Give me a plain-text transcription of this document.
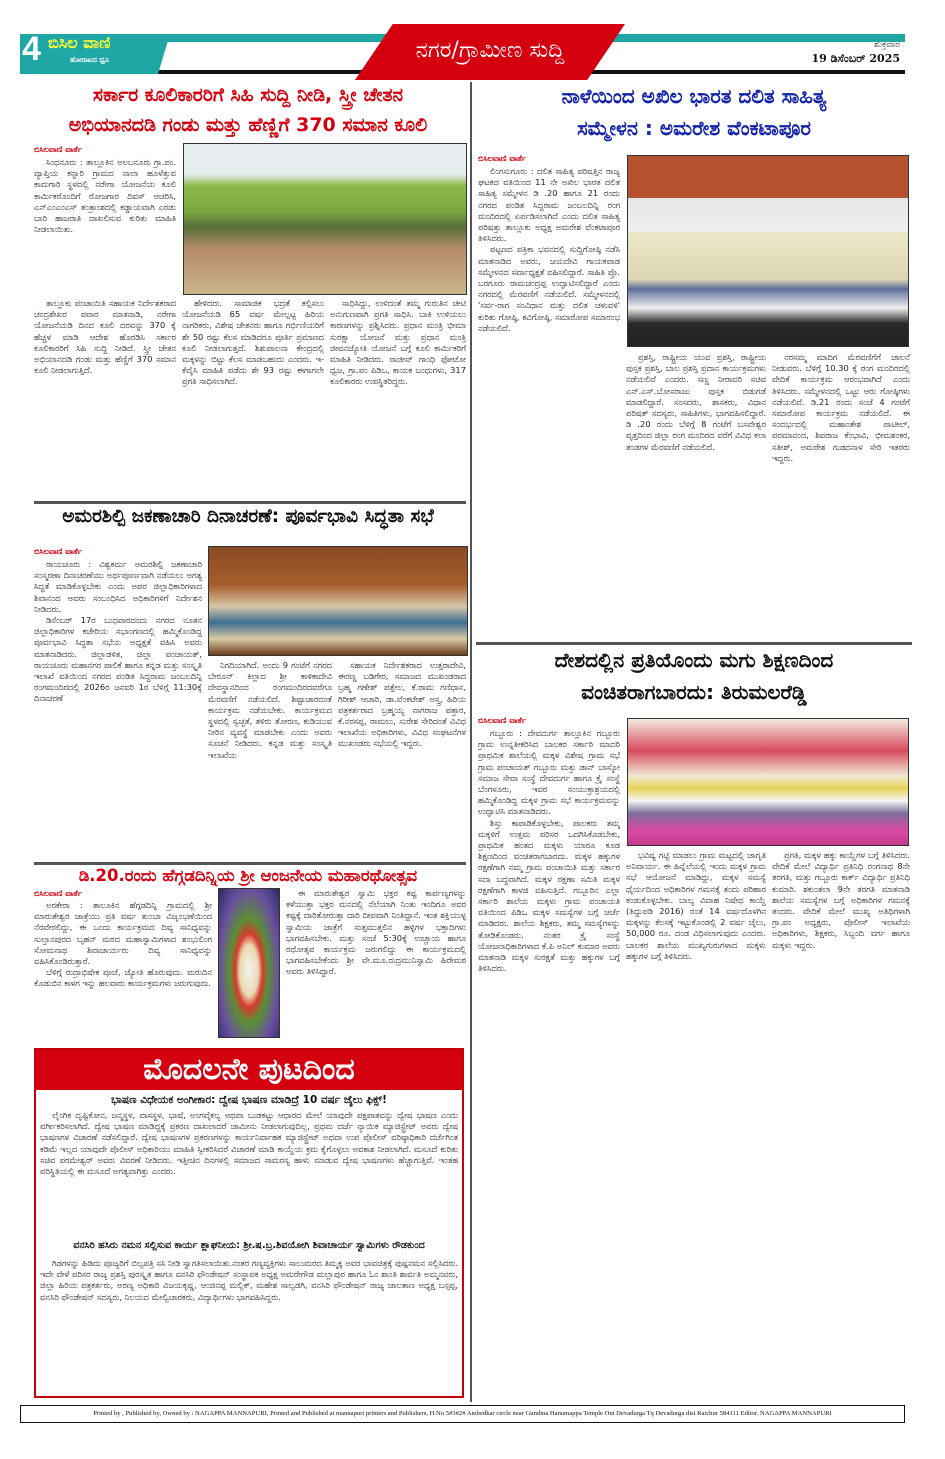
4 ಬಿಸಿಲ ವಾಣಿ
ಹೋರಾಟದ ಧ್ವನಿ	ನಗರ/ಗ್ರಾಮೀಣ ಸುದ್ದಿ	ಶುಕ್ರವಾರ
19 ಡಿಸೆಂಬರ್ 2025
ಸರ್ಕಾರ ಕೂಲಿಕಾರರಿಗೆ ಸಿಹಿ ಸುದ್ದಿ ನೀಡಿ, ಸ್ತ್ರೀ ಚೇತನ
ಅಭಿಯಾನದಡಿ ಗಂಡು ಮತ್ತು ಹೆಣ್ಣಿಗೆ 370 ಸಮಾನ ಕೂಲಿ
ಬಿಸಿಲವಾಣಿ ವಾರ್ತೆ

ಸಿಂಧನೂರು : ತಾಲ್ಲೂಕಿನ ಅಲಬನೂರು ಗ್ರಾ.ಪಂ. ವ್ಯಾಪ್ತಿಯ ಕನ್ನಾರಿ ಗ್ರಾಮದ ನಾಲಾ ಹೂಳೆತ್ತುವ ಕಾಮಗಾರಿ ಸ್ಥಳದಲ್ಲಿ ನರೇಗಾ ಯೋಜನೆಯ ಕೂಲಿ ಕಾರ್ಮಿಕರೊಂದಿಗೆ ರೋಜಗಾರ ದಿವಸ್ ಆಚರಿಸಿ, ಎನ್‌ಎಂಎಂಎಸ್ ತಂತ್ರಾಂಶದಲ್ಲಿ ಕಡ್ಡಾಯವಾಗಿ ಎರಡು ಬಾರಿ ಹಾಜರಾತಿ ದಾಖಲಿಸುವ ಕುರಿತು ಮಾಹಿತಿ ನೀಡಲಾಯಿತು.

ತಾಲ್ಲೂಕು ಪಂಚಾಯಿತಿ ಸಹಾಯಕ ನಿರ್ದೇಶಕರಾದ ಚಂದ್ರಶೇಖರ ಪವಾರ ಮಾತನಾಡಿ, ನರೇಗಾ ಯೋಜನೆಯಡಿ ದಿನದ ಕೂಲಿ ದರವನ್ನು 370 ಕ್ಕೆ ಹೆಚ್ಚಳ ಮಾಡಿ ಆದೇಶ ಹೊರಡಿಸಿ ಸರ್ಕಾರ ಕೂಲಿಕಾರರಿಗೆ ಸಿಹಿ ಸುದ್ದಿ ನೀಡಿದೆ. ಸ್ತ್ರೀ ಚೇತನ ಅಭಿಯಾನದಡಿ ಗಂಡು ಮತ್ತು ಹೆಣ್ಣಿಗೆ 370 ಸಮಾನ ಕೂಲಿ ನೀಡಲಾಗುತ್ತಿದೆ.

ಹೇಳಿದರು. ಸಾಮಾಜಿಕ ಭದ್ರತೆ ಕಲ್ಪಿಸಲು ಯೋಜನೆಯಡಿ 65 ವರ್ಷ ಮೇಲ್ಪಟ್ಟ ಹಿರಿಯ ನಾಗರಿಕರು, ವಿಶೇಷ ಚೇತನರು ಹಾಗೂ ಗರ್ಭಿಣಿಯರಿಗೆ ಶೇ 50 ರಷ್ಟು ಕೆಲಸ ಮಾಡಿದರೂ ಪೂರ್ತಿ ಪ್ರಮಾಣದ ಕೂಲಿ ನೀಡಲಾಗುತ್ತದೆ. ಶಿಶುಪಾಲನಾ ಕೇಂದ್ರದಲ್ಲಿ ಮಕ್ಕಳನ್ನು ಬಿಟ್ಟು ಕೆಲಸ ಮಾಡಬಹುದು ಎಂದರು. ಇ-ಕೆವೈಸಿ ಮಾಹಿತಿ ಪಡೆದು ಶೇ 93 ರಷ್ಟು ಈಗಾಗಲೇ ಪ್ರಗತಿ ಸಾಧಿಸಲಾಗಿದೆ.

ಸಾಧಿಸಿದ್ದು, ಉಳಿದಂತೆ ತಮ್ಮ ಗುರುತಿನ ಚೀಟಿ ಅನುಗುಣವಾಗಿ ಪ್ರಗತಿ ಸಾಧಿಸಿ. ಬಾಕಿ ಉಳಿಯಲು ಕಾರಣಗಳನ್ನು ಪ್ರಶ್ನಿಸಿದರು. ಪ್ರಧಾನ ಮಂತ್ರಿ ಭೀಮಾ ಸುರಕ್ಷಾ ಯೋಜನೆ ಮತ್ತು ಪ್ರಧಾನ ಮಂತ್ರಿ ಜೀವನಜ್ಯೋತಿ ಯೋಜನೆ ಬಗ್ಗೆ ಕೂಲಿ ಕಾರ್ಮಿಕರಿಗೆ ಮಾಹಿತಿ ನೀಡಿದರು. ರಾಜೀವ್ ಗಾಂಧಿ ಫೋಟೋ ಧ್ವಜ, ಗ್ರಾ.ಪಂ ಪಿಡಿಒ, ಕಾಯಕ ಬಂಧುಗಳು, 317 ಕೂಲಿಕಾರರು ಉಪಸ್ಥಿತರಿದ್ದರು.

ಅಮರಶಿಲ್ಪಿ ಜಕಣಾಚಾರಿ ದಿನಾಚರಣೆ: ಪೂರ್ವಭಾವಿ ಸಿದ್ಧತಾ ಸಭೆ
ಬಿಸಿಲವಾಣಿ ವಾರ್ತೆ

ರಾಯಚೂರು : ವಿಶ್ವಕರ್ಮ ಅಮರಶಿಲ್ಪಿ ಜಕಣಾಚಾರಿ ಸಂಸ್ಮರಣಾ ದಿನಾಚರಣೆಯು ಅರ್ಥಪೂರ್ಣವಾಗಿ ನಡೆಯಲು ಅಗತ್ಯ ಸಿದ್ಧತೆ ಮಾಡಿಕೊಳ್ಳಬೇಕು ಎಂದು ಅಪರ ಜಿಲ್ಲಾಧಿಕಾರಿಗಳಾದ ಶಿವಾನಂದ ಅವರು ಸಂಬಂಧಿಸಿದ ಅಧಿಕಾರಿಗಳಿಗೆ ನಿರ್ದೇಶನ ನೀಡಿದರು.

ಡಿಸೆಂಬರ್ 17ರ ಬುಧವಾರದಂದು ನಗರದ ನೂತನ ಜಿಲ್ಲಾಧಿಕಾರಿಗಳ ಕಚೇರಿಯ ಸಭಾಂಗಣದಲ್ಲಿ ಹಮ್ಮಿಕೊಂಡಿದ್ದ ಪೂರ್ವಭಾವಿ ಸಿದ್ಧತಾ ಸಭೆಯ ಅಧ್ಯಕ್ಷತೆ ವಹಿಸಿ ಅವರು ಮಾತನಾಡಿದರು. ಜಿಲ್ಲಾಡಳಿತ, ಜಿಲ್ಲಾ ಪಂಚಾಯತ್, ರಾಯಚೂರು ಮಹಾನಗರ ಪಾಲಿಕೆ ಹಾಗೂ ಕನ್ನಡ ಮತ್ತು ಸಂಸ್ಕೃತಿ ಇಲಾಖೆ ವತಿಯಿಂದ ನಗರದ ಪಂಡಿತ ಸಿದ್ದರಾಮ ಜಂಬಲದಿನ್ನಿ ರಂಗಮಂದಿರದಲ್ಲಿ 2026ರ ಜನವರಿ 1ರ ಬೆಳಿಗ್ಗೆ 11:30ಕ್ಕೆ ದಿನಾಚರಣೆ

ನಿಗದಿಯಾಗಿದೆ. ಅಂದು 9 ಗಂಟೆಗೆ ನಗರದ ಬೇರೂನ್ ಕಿಲ್ಲಾದ ಶ್ರೀ ಕಾಳಿಕಾದೇವಿ ದೇವಸ್ಥಾನದಿಂದ ರಂಗಮಂದಿರದವರೆಗೂ ಮೆರವಣಿಗೆ ನಡೆಯಲಿದೆ. ಶಿಷ್ಟಾಚಾರದಂತೆ ಕಾರ್ಯಕ್ರಮ ನಡೆಯಬೇಕು. ಕಾರ್ಯಕ್ರಮದ ಸ್ಥಳದಲ್ಲಿ ಸ್ವಚ್ಛತೆ, ತಳಿರು ತೋರಣ, ಕುಡಿಯುವ ನೀರಿನ ವ್ಯವಸ್ಥೆ ಮಾಡಬೇಕು ಎಂದು ಅವರು ಸೂಚನೆ ನೀಡಿದರು. ಕನ್ನಡ ಮತ್ತು ಸಂಸ್ಕೃತಿ ಇಲಾಖೆಯ

ಸಹಾಯಕ ನಿರ್ದೇಶಕರಾದ ಉತ್ತರಾದೇವಿ, ಈರಣ್ಣ ಬಡಿಗೇರ, ಸಮಾಜದ ಮುಖಂಡರಾದ ಬ್ರಹ್ಮ ಗಣೇಶ್ ಪತ್ತೇಲ, ಕೆ.ರಾಮ ಗಣಿಧಾನ, ಗಿರೀಶ್ ಆಚಾರಿ, ಡಾ.ವೆಂಕಟೇಶ್ ಅಸ್ತ್ರ, ಹಿರಿಯ ಪತ್ರಕರ್ತರಾದ ಬ್ರಹ್ಮಯ್ಯ ನಾಗರಾಜ ಪತ್ತಾರ, ಕೆ.ನರಸಪ್ಪ, ರಾಮಲು, ಸುರೇಶ ಸೇರಿದಂತೆ ವಿವಿಧ ಇಲಾಖೆಯ ಅಧಿಕಾರಿಗಳು, ವಿವಿಧ ಸಂಘಟನೆಗಳ ಮುಖಂಡರು ಸಭೆಯಲ್ಲಿ ಇದ್ದರು.

ಡಿ.20.ರಂದು ಹೆಗ್ಗಡದಿನ್ನಿಯ ಶ್ರೀ ಆಂಜನೇಯ ಮಹಾರಥೋತ್ಸವ
ಬಿಸಿಲವಾಣಿ ವಾರ್ತೆ

ಅರಕೇರಾ : ತಾಲೂಕಿನ ಹೆಗ್ಗಡದಿನ್ನಿ ಗ್ರಾಮದಲ್ಲಿ ಶ್ರೀ ಮಾರುತೇಶ್ವರ ಜಾತ್ರೆಯು ಪ್ರತಿ ವರ್ಷ ತುಂಬಾ ವಿಜೃಂಭಣೆಯಿಂದ ನೆರವೇರಲಿದ್ದು, ಈ ಒಂದು ಕಾರ್ಯಕ್ರಮದ ದಿವ್ಯ ಸಾನಿಧ್ಯವನ್ನು ಸುಲ್ತಾನಪುರದ ಬೃಹನ್ ಮಠದ ಮಹಾಸ್ವಾಮಿಗಳಾದ ಶಂಭುಲಿಂಗ ಸೋಮನಾಥ ಶಿವಾಚಾರ್ಯರು ದಿವ್ಯ ಸಾನಿಧ್ಯವನ್ನು ವಹಿಸಿಕೊಂಡಿರುತ್ತಾರೆ.

ಬೆಳಿಗ್ಗೆ ರುದ್ರಾಭಿಷೇಕ ಪೂಜೆ, ಜ್ಯೋತಿ ಹೊರುವುದು. ಮರುದಿನ ಕೊಡುಬಿನ ಕಾಳಗ ಇನ್ನು ಹಲವಾರು ಕಾರ್ಯಕ್ರಮಗಳು ಜರುಗುವುದು.

ಈ ಮಾರುತೇಶ್ವರ ಸ್ವಾಮಿ ಭಕ್ತರ ಕಷ್ಟ ಕಾರ್ಪಣ್ಯಗಳನ್ನು ಕಳೆಯುತ್ತಾ ಭಕ್ತರ ಮನದಲ್ಲಿ ನೆಲೆಯಾಗಿ ನಿಂತು ಇಂದಿಗೂ ಅವರ ಕಷ್ಟಕ್ಕೆ ದಾರಿತೋರುತ್ತಾ ದಾರಿ ದೀಪವಾಗಿ ನಿಂತಿದ್ದಾನೆ. ಇಂತ ಶಕ್ತಿಯುಳ್ಳ ಸ್ವಾಮಿಯ ಜಾತ್ರೆಗೆ ಸುತ್ತಮುತ್ತಲಿನ ಹಳ್ಳಿಗಳ ಭಕ್ತಾದಿಗಳು ಭಾಗವಹಿಸಬೇಕು. ಮತ್ತು ಸಂಜೆ 5:30ಕ್ಕೆ ಉಚ್ಚಾಯ ಹಾಗೂ ರಥೋತ್ಸವ ಕಾರ್ಯಕ್ರಮ ಜರುಗಲಿದ್ದು ಈ ಕಾರ್ಯಕ್ರಮದಲ್ಲಿ ಭಾಗವಹಿಸಬೇಕೆಂದು ಶ್ರೀ ವೇ.ಮೂ.ರುದ್ರಮುನಿಸ್ವಾಮಿ ಹಿರೇಮಠ ಅವರು ತಿಳಿಸಿದ್ದಾರೆ.

ಮೊದಲನೇ ಪುಟದಿಂದ
ಭಾಷಣ ವಿಧೇಯಕ ಅಂಗೀಕಾರ: ದ್ವೇಷ ಭಾಷಣ ಮಾಡಿದ್ರೆ 10 ವರ್ಷ ಜೈಲು ಫಿಕ್ಸ್!

ಲೈಂಗಿಕ ದೃಷ್ಟಿಕೋನ, ಜನ್ಮಸ್ಥಳ, ವಾಸಸ್ಥಳ, ಭಾಷೆ, ಅಂಗವೈಕಲ್ಯ ಅಥವಾ ಬುಡಕಟ್ಟು ಆಧಾರದ ಮೇಲೆ ಯಾವುದೇ ಪಕ್ಷಪಾತವನ್ನು ದ್ವೇಷ ಭಾಷಣ ಎಂದು ವರ್ಗೀಕರಿಸಲಾಗಿದೆ. ದ್ವೇಷ ಭಾಷಣ ಮಾಡಿದ್ದಕ್ಕೆ ಪ್ರಕರಣ ದಾಖಲಾದರೆ ಜಾಮೀನು ನೀಡಲಾಗುವುದಿಲ್ಲ, ಪ್ರಥಮ ದರ್ಜೆ ನ್ಯಾಯಿಕ ಮ್ಯಾಜಿಸ್ಟ್ರೇಟ್ ಅವರು ದ್ವೇಷ ಭಾಷಣಗಳ ವಿಚಾರಣೆ ನಡೆಸಲಿದ್ದಾರೆ. ದ್ವೇಷ ಭಾಷಣಗಳ ಪ್ರಕರಣಗಳನ್ನು ಕಾರ್ಯನಿರ್ವಾಹಕ ಮ್ಯಾಜಿಸ್ಟ್ರೇಟ್ ಅಥವಾ ಉಪ ಪೊಲೀಸ್ ವರಿಷ್ಠಾಧಿಕಾರಿ ದರ್ಜೆಗಿಂತ ಕಡಿಮೆ ಇಲ್ಲದ ಯಾವುದೇ ಪೊಲೀಸ್ ಅಧಿಕಾರಿಯು ಮಾಹಿತಿ ಸ್ವೀಕರಿಸಿದರೆ ವಿಚಾರಣೆ ಮಾಡಿ ಕಾಯ್ದೆಯ ಕ್ರಮ ಕೈಗೊಳ್ಳಲು ಅವಕಾಶ ನೀಡಲಾಗಿದೆ. ಮಸೂದೆ ಕುರಿತು ಸಚಿವ ಪರಮೇಶ್ವರ್ ಅವರು ವಿವರಣೆ ನೀಡಿದರು. ಇತ್ತೀಚಿನ ದಿನಗಳಲ್ಲಿ ಸಮಾಜದ ಸಾಮರಸ್ಯ ಹಾಳು ಮಾಡುವ ದ್ವೇಷ ಭಾಷಣಗಳು ಹೆಚ್ಚಾಗುತ್ತಿವೆ. ಇಂತಹ ಪರಿಸ್ಥಿತಿಯಲ್ಲಿ ಈ ಮಸೂದೆ ಅಗತ್ಯವಾಗಿತ್ತು ಎಂದರು.

ವನಸಿರಿ ಹಸಿರು ನಮನ ಸಲ್ಲಿಸುವ ಕಾರ್ಯ ಶ್ಲಾಘನೀಯ: ಶ್ರೀ.ಷ.ಬ್ರ.ಶಿವಯೋಗಿ ಶಿವಾಚಾರ್ಯ ಸ್ವಾಮಿಗಳು ರೌಡಕುಂದ

ಗಿಡಗಳನ್ನು ಹಿಡಿದು ಪೂಜ್ಯರಿಗೆ ಬಿಲ್ವಪತ್ರಿ ಸಸಿ ನೀಡಿ ಸ್ವಾಗತಿಸಲಾಯಿತು.ನಂತರ ಗಣ್ಯವ್ಯಕ್ತಿಗಳು ಸಾಲುಮರದ ತಿಮ್ಮಕ್ಕ ಅವರ ಭಾವಚಿತ್ರಕ್ಕೆ ಪುಷ್ಪನಮನ ಸಲ್ಲಿಸಿದರು. ಇದೇ ವೇಳೆ ಪರಿಸರ ರಾಜ್ಯ ಪ್ರಶಸ್ತಿ ಪುರಸ್ಕೃತ ಹಾಗೂ ವನಸಿರಿ ಫೌಂಡೇಷನ್ ಸಂಸ್ಥಾಪಕ ಅಧ್ಯಕ್ಷ ಅಮರೇಗೌಡ ಮಲ್ಲಾಪುರ ಹಾಗೂ ಓಂ ಶಾಂತಿ ಶಾರ್ವತಿ ಅಮ್ಮನವರು, ಜಿಲ್ಲಾ ಹಿರಿಯ ಪತ್ರಕರ್ತರು, ಅರಣ್ಯ ಅಧಿಕಾರಿ ವಿಜಯಕೃಷ್ಣ, ಆಂಜಿನಪ್ಪ ಮಲ್ಲಿಕ್, ಮಹೇಶ ಸಾಲ್ವಡಗಿ, ವನಸಿರಿ ಫೌಂಡೇಷನ್ ರಾಜ್ಯ ಜಾಲತಾಣ ಅಧ್ಯಕ್ಷ ಬಸ್ಸಪ್ಪ, ವನಸಿರಿ ಫೌಂಡೇಷನ್ ಸದಸ್ಯರು, ನಿಲಯದ ಮೇಲ್ವಿಚಾರಕರು, ವಿದ್ಯಾರ್ಥಿಗಳು ಭಾಗವಹಿಸಿದ್ದರು.

ನಾಳೆಯಿಂದ ಅಖಿಲ ಭಾರತ ದಲಿತ ಸಾಹಿತ್ಯ
ಸಮ್ಮೇಳನ : ಅಮರೇಶ ವೆಂಕಟಾಪೂರ
ಬಿಸಿಲವಾಣಿ ವಾರ್ತೆ

ಲಿಂಗಸುಗೂರು : ದಲಿತ ಸಾಹಿತ್ಯ ಪರಿಷತ್ತಿನ ರಾಜ್ಯ ಘಟಕದ ವತಿಯಿಂದ 11 ನೇ ಅಖಿಲ ಭಾರತ ದಲಿತ ಸಾಹಿತ್ಯ ಸಮ್ಮೇಳನ ಡಿ .20 ಹಾಗೂ 21 ರಂದು ನಗರದ ಪಂಡಿತ ಸಿದ್ದರಾಮ ಜಂಬಲದಿನ್ನಿ ರಂಗ ಮಂದಿರದಲ್ಲಿ ಏರ್ಪಡಿಸಲಾಗಿದೆ ಎಂದು ದಲಿತ ಸಾಹಿತ್ಯ ಪರಿಷತ್ತು ತಾಲ್ಲೂಕು ಅಧ್ಯಕ್ಷ ಅಮರೇಶ ವೆಂಕಟಾಪೂರ ತಿಳಿಸಿದರು.

ಪಟ್ಟಣದ ಪತ್ರಿಕಾ ಭವನದಲ್ಲಿ ಸುದ್ದಿಗೋಷ್ಠಿ ನಡೆಸಿ ಮಾತನಾಡಿದ ಅವರು, ಜಯದೇವಿ ಗಾಯಕವಾಡ ಸಮ್ಮೇಳನದ ಸರ್ವಾಧ್ಯಕ್ಷತೆ ವಹಿಸಲಿದ್ದಾರೆ. ಸಾಹಿತಿ ಪ್ರೊ. ಬರಗೂರು ರಾಮಚಂದ್ರಪ್ಪ ಉದ್ಘಾಟಿಸಲಿದ್ದಾರೆ ಎಂದು ನಗರದಲ್ಲಿ ಮೆರವಣಿಗೆ ನಡೆಯಲಿದೆ. ಸಮ್ಮೇಳನದಲ್ಲಿ 'ಸರ್ವ-ರಾಗ ಸಂವಿಧಾನ ಮತ್ತು ದಲಿತ ಚಳುವಳಿ' ಕುರಿತು ಗೋಷ್ಠಿ, ಕವಿಗೋಷ್ಠಿ, ಸಮಾರೋಪ ಸಮಾರಂಭ ನಡೆಯಲಿದೆ.

ಪ್ರಶಸ್ತಿ, ರಾಷ್ಟ್ರೀಯ ಯುವ ಪ್ರಶಸ್ತಿ, ರಾಷ್ಟ್ರೀಯ ಪುಸ್ತಕ ಪ್ರಶಸ್ತಿ, ಬಾಲ ಪ್ರಶಸ್ತಿ ಪ್ರದಾನ ಕಾರ್ಯಕ್ರಮಗಳು ನಡೆಯಲಿವೆ ಎಂದರು. ಸಣ್ಣ ನೀರಾವರಿ ಸಚಿವ ಎನ್.ಎಸ್.ಬೋಸರಾಜು ಪುಸ್ತಕ ಬಿಡುಗಡೆ ಮಾಡಲಿದ್ದಾರೆ. ಸಂಸದರು, ಶಾಸಕರು, ವಿಧಾನ ಪರಿಷತ್ ಸದಸ್ಯರು, ಸಾಹಿತಿಗಳು, ಭಾಗವಹಿಸಲಿದ್ದಾರೆ. ಡಿ .20 ರಂದು ಬೆಳಿಗ್ಗೆ 8 ಗಂಟೆಗೆ ಬಸವೇಶ್ವರ ವೃತ್ತದಿಂದ ಜಿಲ್ಲಾ ರಂಗ ಮಂದಿರದ ವರೆಗೆ ವಿವಿಧ ಕಲಾ ತಂಡಗಳ ಮೆರವಣಿಗೆ ನಡೆಯಲಿದೆ.

ನರಸಮ್ಮ ಮಾದಿಗ ಮೆರವಣಿಗೆಗೆ ಚಾಲನೆ ನೀಡುವರು. ಬೆಳಿಗ್ಗೆ 10.30 ಕ್ಕೆ ರಂಗ ಮಂದಿರದಲ್ಲಿ ವೇದಿಕೆ ಕಾರ್ಯಕ್ರಮ ಆರಂಭವಾಗಿದೆ ಎಂದು ತಿಳಿಸಿದರು. ಸಮ್ಮೇಳನದಲ್ಲಿ ಒಟ್ಟು ಆರು ಗೋಷ್ಠಿಗಳು ನಡೆಯಲಿವೆ. ಡಿ.21 ರಂದು ಸಂಜೆ 4 ಗಂಟೆಗೆ ಸಮಾರೋಪ ಕಾರ್ಯಕ್ರಮ ನಡೆಯಲಿದೆ. ಈ ಸಂದರ್ಭದಲ್ಲಿ ಮಹಾಂತೇಶ ಪಾಟೀಲ್, ಪರಮಾನಂದ, ಶಿವರಾಜ ಕೆಂಭಾವಿ, ಭೀಮಶಂಕರ, ಸತೀಶ್, ಅಮರೇಶ ಗುಡದನಾಳ ಸೇರಿ ಇತರರು ಇದ್ದರು.

ದೇಶದಲ್ಲಿನ ಪ್ರತಿಯೊಂದು ಮಗು ಶಿಕ್ಷಣದಿಂದ
ವಂಚಿತರಾಗಬಾರದು: ತಿರುಮಲರೆಡ್ಡಿ
ಬಿಸಿಲವಾಣಿ ವಾರ್ತೆ

ಗಬ್ಬೂರು : ದೇವದುರ್ಗ ತಾಲ್ಲೂಕಿನ ಗಬ್ಬೂರು ಗ್ರಾಮ ಉನ್ನತೀಕರಿಸಿದ ಬಾಲಕರ ಸರ್ಕಾರಿ ಮಾದರಿ ಪ್ರಾಥಮಿಕ ಶಾಲೆಯಲ್ಲಿ ಮಕ್ಕಳ ವಿಶೇಷ ಗ್ರಾಮ ಸಭೆ ಗ್ರಾಮ ಪಂಚಾಯತ್ ಗಬ್ಬೂರು ಮತ್ತು ಡಾನ್ ಬಾಸ್ಕೋ ಸಮಾಜ ಸೇವಾ ಸಂಸ್ಥೆ ದೇವದುರ್ಗ ಹಾಗೂ ಕ್ರೈ ಸಂಸ್ಥೆ ಬೆಂಗಳೂರು, ಇವರ ಸಂಯುಕ್ತಾಶ್ರಯದಲ್ಲಿ ಹಮ್ಮಿಕೊಂಡಿದ್ದ ಮಕ್ಕಳ ಗ್ರಾಮ ಸಭೆ ಕಾರ್ಯಕ್ರಮವನ್ನು ಉದ್ಘಾಟಿಸಿ ಮಾತನಾಡಿದರು.

ಶಿಸ್ತು ಕಾಪಾಡಿಕೊಳ್ಳಬೇಕು, ಪಾಲಕರು ತಮ್ಮ ಮಕ್ಕಳಿಗೆ ಉತ್ತಮ ಪರಿಸರ ಒದಗಿಸಿಕೊಡಬೇಕು, ಪ್ರಾಥಮಿಕ ಹಂತದ ಮಕ್ಕಳು ಯಾರೂ ಕೂಡ ಶಿಕ್ಷಣದಿಂದ ವಂಚಿತರಾಗಬಾರದು. ಮಕ್ಕಳ ಹಕ್ಕುಗಳ ರಕ್ಷಣೆಗಾಗಿ ನಮ್ಮ ಗ್ರಾಮ ಪಂಚಾಯಿತಿ ಮತ್ತು ಸರ್ಕಾರ ಸದಾ ಬದ್ಧವಾಗಿದೆ. ಮಕ್ಕಳ ರಕ್ಷಣಾ ಸಮಿತಿ ಮಕ್ಕಳ ರಕ್ಷಣೆಗಾಗಿ ಕಾಳಜಿ ವಹಿಸುತ್ತಿದೆ. ಗಬ್ಬೂರಿನ ಎಲ್ಲಾ ಸರ್ಕಾರಿ ಶಾಲೆಯ ಮಕ್ಕಳು ಗ್ರಾಮ ಪಂಚಾಯತಿ ವತಿಯಿಂದ ಪಿಡಿಒ ಮಕ್ಕಳ ಸಮಸ್ಯೆಗಳ ಬಗ್ಗೆ ಚರ್ಚೆ ಮಾಡಿದರು. ಶಾಲೆಯ ಶಿಕ್ಷಕರು, ತಮ್ಮ ಸಮಸ್ಯೆಗಳನ್ನು ತೋಡಿಕೊಂಡರು. ನಂತರ ಕ್ರೈ ಸಂಸ್ಥೆ ಯೋಜನಾಧಿಕಾರಿಗಳಾದ ಕೆ.ಪಿ ಅನಿಲ್ ಕುಮಾರ ಅವರು ಮಾತನಾಡಿ ಮಕ್ಕಳ ಸುರಕ್ಷತೆ ಮತ್ತು ಹಕ್ಕುಗಳ ಬಗ್ಗೆ ತಿಳಿಸಿದರು.

ಭವಿಷ್ಯ ಗಟ್ಟಿ ಮಾಡಲು ಗ್ರಾಮ ಮಟ್ಟದಲ್ಲಿ ಜಾಗೃತಿ ಅನಿವಾರ್ಯ. ಈ ಹಿನ್ನೆಲೆಯಲ್ಲಿ ಇಂದು ಮಕ್ಕಳ ಗ್ರಾಮ ಸಭೆ ಆಯೋಜನೆ ಮಾಡಿದ್ದು, ಮಕ್ಕಳ ಸಮಸ್ಯೆ ಧೈರ್ಯದಿಂದ ಅಧಿಕಾರಿಗಳ ಗಮನಕ್ಕೆ ತಂದು ಪರಿಹಾರ ಕಂಡುಕೊಳ್ಳಬೇಕು. ಬಾಲ್ಯ ವಿವಾಹ ನಿಷೇಧ ಕಾಯ್ದೆ (ತಿದ್ದುಪಡಿ 2016) ರಂತೆ 14 ವರ್ಷದೊಳಗಿನ ಮಕ್ಕಳನ್ನು ಕೆಲಸಕ್ಕೆ ಇಟ್ಟುಕೊಂಡಲ್ಲಿ 2 ವರ್ಷ ಜೈಲು, 50,000 ರೂ. ದಂಡ ವಿಧಿಸಲಾಗುವುದು ಎಂದರು. ಬಾಲಕರ ಶಾಲೆಯ ಮುಖ್ಯಗುರುಗಳಾದ ಮಕ್ಕಳು ಹಕ್ಕುಗಳ ಬಗ್ಗೆ ತಿಳಿಸಿದರು.

ಪ್ರಗತಿ, ಮಕ್ಕಳ ಹಕ್ಕು ಕಾಯ್ದೆಗಳ ಬಗ್ಗೆ ತಿಳಿಸಿದರು. ವೇದಿಕೆ ಮೇಲೆ ವಿದ್ಯಾರ್ಥಿ ಪ್ರತಿನಿಧಿ ರಂಗನಾಥ 8ನೇ ತರಗತಿ, ಮತ್ತು ಗಬ್ಬೂರು ಕಾರ್ಕ್ ವಿದ್ಯಾರ್ಥಿ ಪ್ರತಿನಿಧಿ ಕುಮಾರಿ. ಶಕುಂತಲಾ 9ನೇ ತರಗತಿ ಮಾತನಾಡಿ ಶಾಲೆಯ ಸಮಸ್ಯೆಗಳ ಬಗ್ಗೆ ಅಧಿಕಾರಿಗಳ ಗಮನಕ್ಕೆ ತಂದರು. ವೇದಿಕೆ ಮೇಲೆ ಮುಖ್ಯ ಅತಿಥಿಗಳಾಗಿ ಗ್ರಾ.ಪಂ ಅಧ್ಯಕ್ಷರು, ಪೊಲೀಸ್ ಇಲಾಖೆಯ ಅಧಿಕಾರಿಗಳು, ಶಿಕ್ಷಕರು, ಸಿಬ್ಬಂದಿ ವರ್ಗ ಹಾಗೂ ಮಕ್ಕಳು ಇದ್ದರು.

Printed by , Published by, Owned by : NAGAPPA MANNAPURI, Printed and Published at mannapuri printers and Publishers, H.No.5#3#2# Ambedkar circle near Gundina Hanumappa Temple Oni Devadurga Tq Devadurga dist Raichur 584111 Editor. NAGAPPA MANNAPURI
